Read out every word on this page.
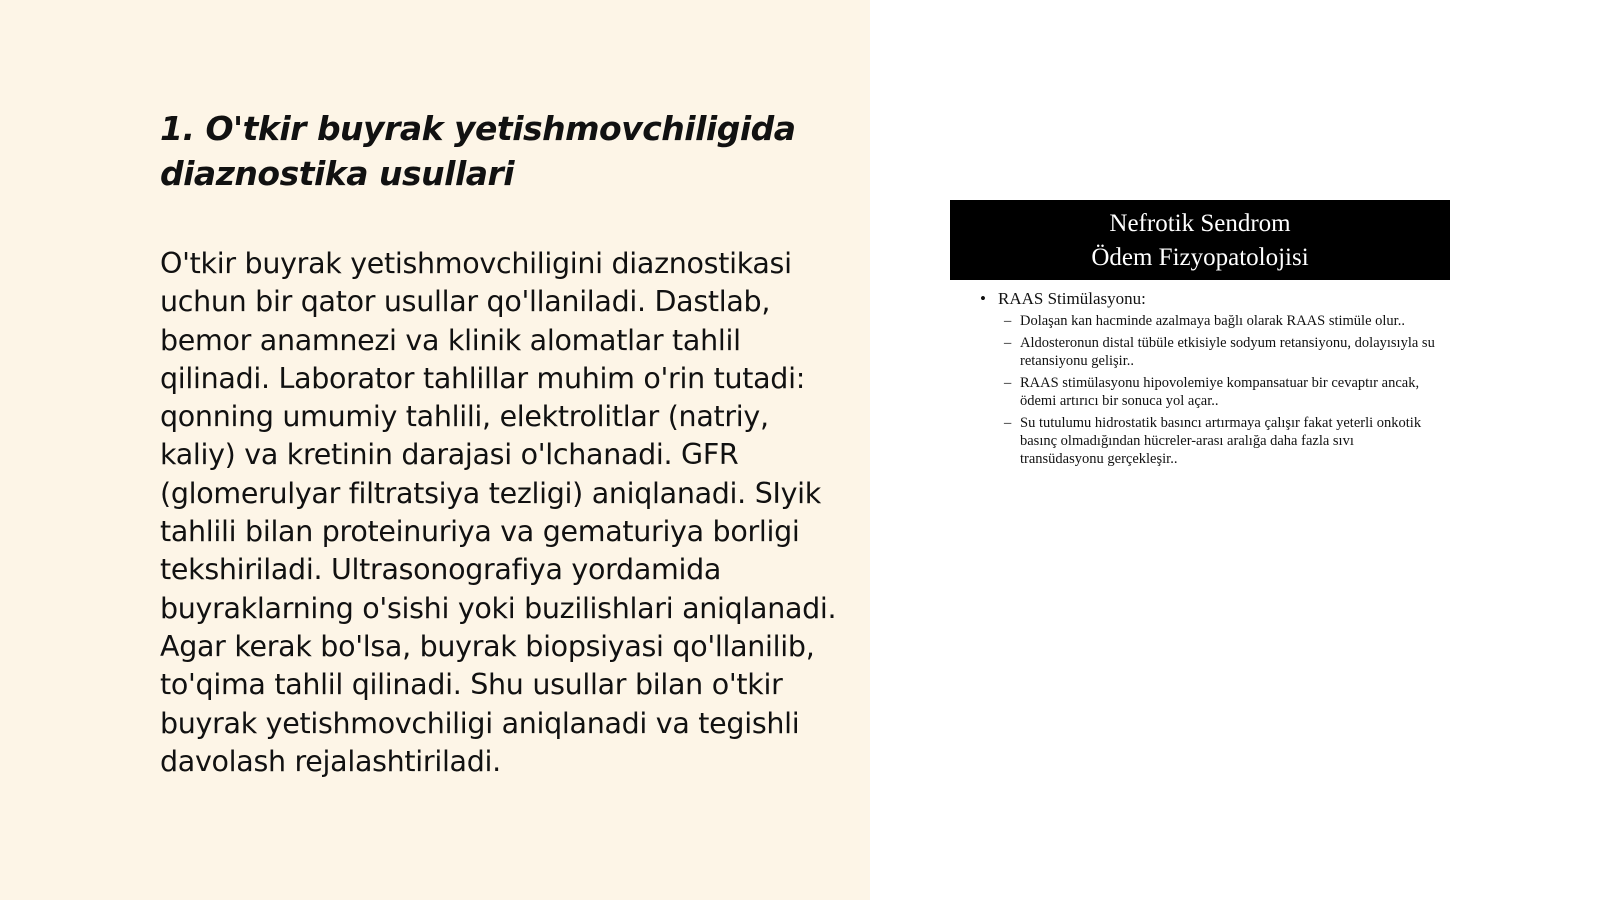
1. O'tkir buyrak yetishmovchiligida diaznostika usullari

O'tkir buyrak yetishmovchiligini diaznostikasi uchun bir qator usullar qo'llaniladi. Dastlab, bemor anamnezi va klinik alomatlar tahlil qilinadi. Laborator tahlillar muhim o'rin tutadi: qonning umumiy tahlili, elektrolitlar (natriy, kaliy) va kretinin darajasi o'lchanadi. GFR (glomerulyar filtratsiya tezligi) aniqlanadi. SIyik tahlili bilan proteinuriya va gematuriya borligi tekshiriladi. Ultrasonografiya yordamida buyraklarning o'sishi yoki buzilishlari aniqlanadi. Agar kerak bo'lsa, buyrak biopsiyasi qo'llanilib, to'qima tahlil qilinadi. Shu usullar bilan o'tkir buyrak yetishmovchiligi aniqlanadi va tegishli davolash rejalashtiriladi.

Nefrotik Sendrom
Ödem Fizyopatolojisi
• RAAS Stimülasyonu:
– Dolaşan kan hacminde azalmaya bağlı olarak RAAS stimüle olur..
– Aldosteronun distal tübüle etkisiyle sodyum retansiyonu, dolayısıyla su retansiyonu gelişir..
– RAAS stimülasyonu hipovolemiye kompansatuar bir cevaptır ancak, ödemi artırıcı bir sonuca yol açar..
– Su tutulumu hidrostatik basıncı artırmaya çalışır fakat yeterli onkotik basınç olmadığından hücreler-arası aralığa daha fazla sıvı transüdasyonu gerçekleşir..
